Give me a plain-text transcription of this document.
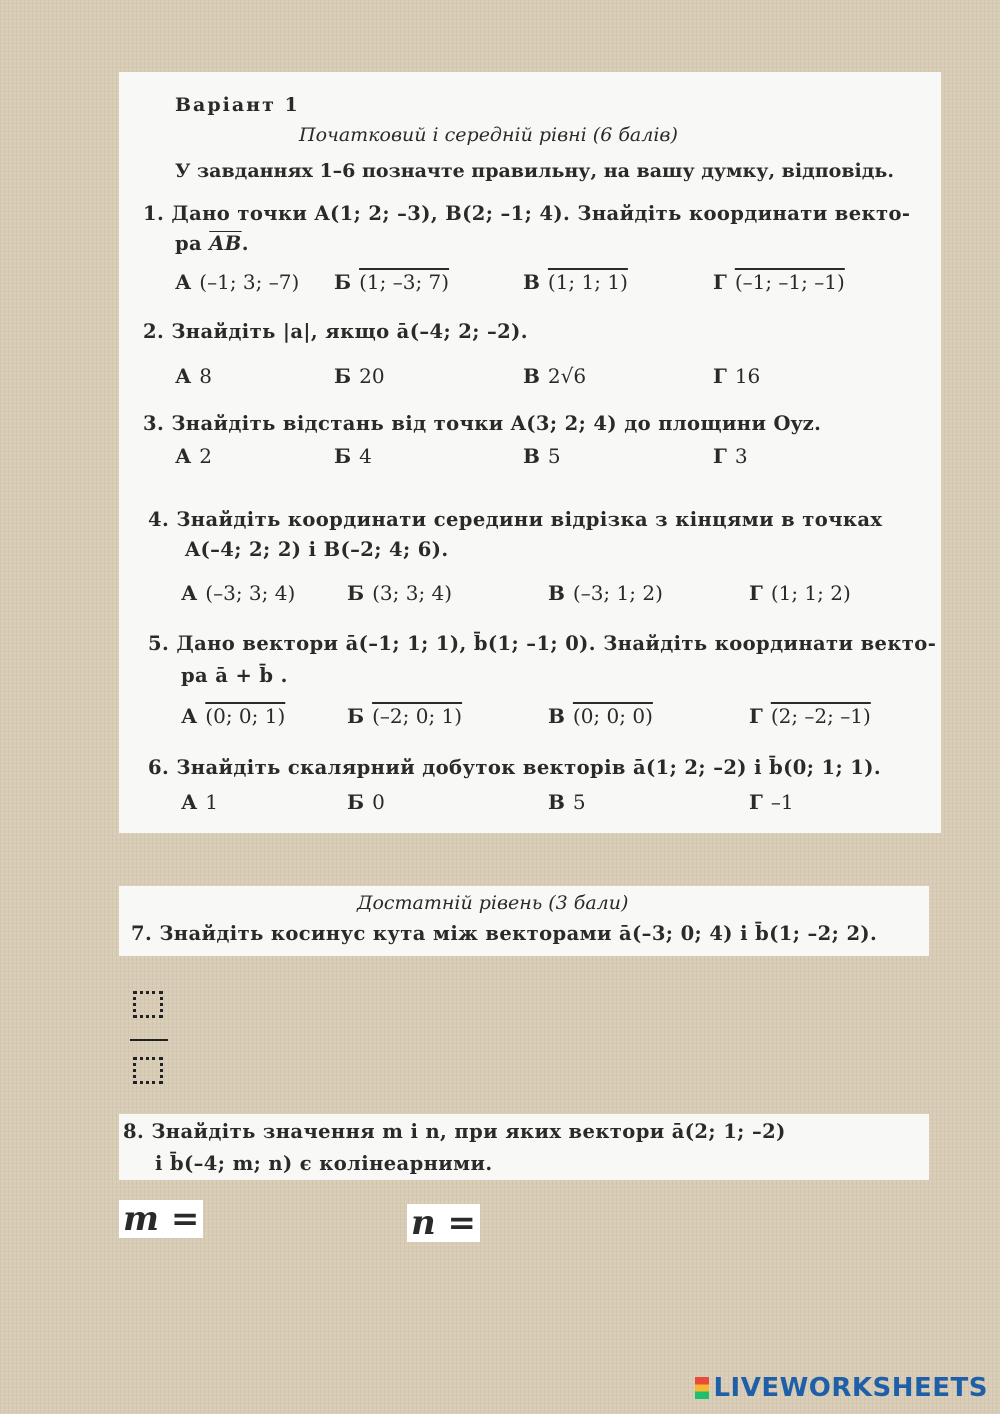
Варіант 1
Початковий і середній рівні (6 балів)
У завданнях 1–6 позначте правильну, на вашу думку, відповідь.
1. Дано точки A(1; 2; –3), B(2; –1; 4). Знайдіть координати векто-
ра $\overline{AB}$.
А (–1; 3; –7) Б (1; –3; 7)	В (1; 1; 1)	Г (–1; –1; –1)
2. Знайдіть |a|, якщо ā(–4; 2; –2).
А 8	Б 20	В 2√6	Г 16
3. Знайдіть відстань від точки A(3; 2; 4) до площини Oyz.
А 2	Б 4	В 5	Г 3
4. Знайдіть координати середини відрізка з кінцями в точках
A(–4; 2; 2) і B(–2; 4; 6).
А (–3; 3; 4)	Б (3; 3; 4)	В (–3; 1; 2)	Г (1; 1; 2)
5. Дано вектори ā(–1; 1; 1), b̄(1; –1; 0). Знайдіть координати векто-
ра ā + b̄ .
А (0; 0; 1)	Б (–2; 0; 1)	В (0; 0; 0)	Г (2; –2; –1)
6. Знайдіть скалярний добуток векторів ā(1; 2; –2) і b̄(0; 1; 1).
А 1	Б 0	В 5	Г –1
Достатній рівень (3 бали)
7. Знайдіть косинус кута між векторами ā(–3; 0; 4) і b̄(1; –2; 2).
8. Знайдіть значення m і n, при яких вектори ā(2; 1; –2)
і b̄(–4; m; n) є колінеарними.
m =	n =
LIVEWORKSHEETS
